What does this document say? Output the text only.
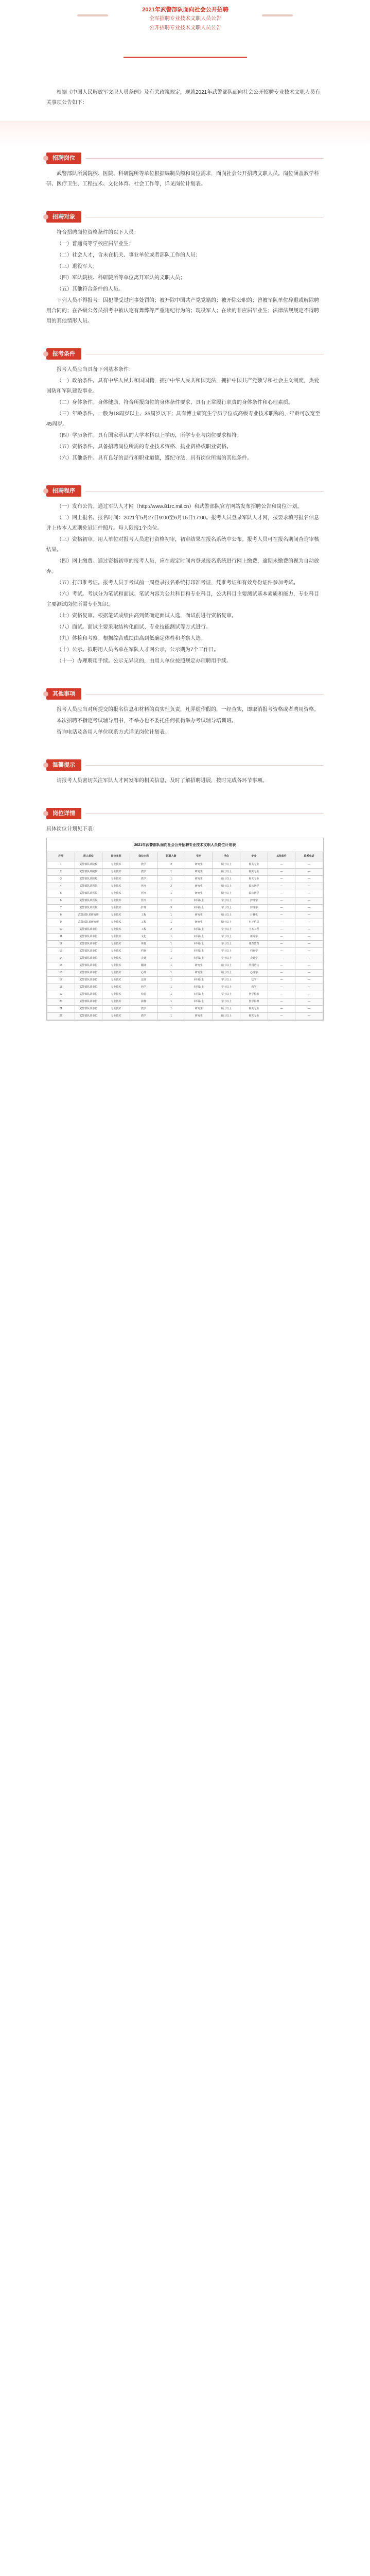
2021年武警部队面向社会公开招聘
全军招聘专业技术文职人员公告
公开招聘专业技术文职人员公告

根据《中国人民解放军文职人员条例》及有关政策规定，现就2021年武警部队面向社会公开招聘专业技术文职人员有关事项公告如下：

招聘岗位

武警部队所属院校、医院、科研院所等单位根据编制员额和岗位需求，面向社会公开招聘文职人员。岗位涵盖教学科研、医疗卫生、工程技术、文化体育、社会工作等，详见岗位计划表。

招聘对象

符合招聘岗位资格条件的以下人员：

（一）普通高等学校应届毕业生；

（二）社会人才，含未在机关、事业单位或者部队工作的人员；

（三）退役军人；

（四）军队院校、科研院所等单位离开军队的文职人员；

（五）其他符合条件的人员。

下列人员不得报考：因犯罪受过刑事处罚的；被开除中国共产党党籍的；被开除公职的；曾被军队单位辞退或解除聘用合同的；在各级公务员招考中被认定有舞弊等严重违纪行为的；现役军人；在读的非应届毕业生；法律法规规定不得聘用的其他情形人员。

报考条件

报考人员应当具备下列基本条件：

（一）政治条件。具有中华人民共和国国籍，拥护中华人民共和国宪法，拥护中国共产党领导和社会主义制度，热爱国防和军队建设事业。

（二）身体条件。身体健康，符合所报岗位的身体条件要求，具有正常履行职责的身体条件和心理素质。

（三）年龄条件。一般为18周岁以上、35周岁以下；具有博士研究生学历学位或高级专业技术职称的，年龄可放宽至45周岁。

（四）学历条件。具有国家承认的大学本科以上学历，所学专业与岗位要求相符。

（五）资格条件。具备招聘岗位所需的专业技术资格、执业资格或职业资格。

（六）其他条件。具有良好的品行和职业道德，遵纪守法，具有岗位所需的其他条件。

招聘程序

（一）发布公告。通过军队人才网（http://www.81rc.mil.cn）和武警部队官方网站发布招聘公告和岗位计划。

（二）网上报名。报名时间：2021年5月27日9:00至6月15日17:00。报考人员登录军队人才网，按要求填写报名信息并上传本人近期免冠证件照片。每人限报1个岗位。

（三）资格初审。用人单位对报考人员进行资格初审，初审结果在报名系统中公布。报考人员可在报名期间查询审核结果。

（四）网上缴费。通过资格初审的报考人员，应在规定时间内登录报名系统进行网上缴费，逾期未缴费的视为自动放弃。

（五）打印准考证。报考人员于考试前一周登录报名系统打印准考证，凭准考证和有效身份证件参加考试。

（六）考试。考试分为笔试和面试。笔试内容为公共科目和专业科目，公共科目主要测试基本素质和能力，专业科目主要测试岗位所需专业知识。

（七）资格复审。根据笔试成绩由高到低确定面试人选，面试前进行资格复审。

（八）面试。面试主要采取结构化面试、专业技能测试等方式进行。

（九）体检和考察。根据综合成绩由高到低确定体检和考察人选。

（十）公示。拟聘用人员名单在军队人才网公示，公示期为7个工作日。

（十一）办理聘用手续。公示无异议的，由用人单位按照规定办理聘用手续。

其他事项

报考人员应当对所提交的报名信息和材料的真实性负责，凡弄虚作假的，一经查实，即取消报考资格或者聘用资格。

本次招聘不指定考试辅导用书，不举办也不委托任何机构举办考试辅导培训班。

咨询电话及各用人单位联系方式详见岗位计划表。

温馨提示

请报考人员密切关注军队人才网发布的相关信息，及时了解招聘进展，按时完成各环节事项。

岗位详情
具体岗位计划见下表：
2021年武警部队面向社会公开招聘专业技术文职人员岗位计划表
序号	用人单位	岗位类别	岗位名称	招聘人数	学历	学位	专业	其他条件	联系电话
1	武警部队某院校	专业技术	教学	2	研究生	硕士以上	相关专业	—	—
2	武警部队某院校	专业技术	教学	1	研究生	硕士以上	相关专业	—	—
3	武警部队某院校	专业技术	教学	1	研究生	硕士以上	相关专业	—	—
4	武警部队某医院	专业技术	医疗	2	研究生	硕士以上	临床医学	—	—
5	武警部队某医院	专业技术	医疗	1	研究生	硕士以上	临床医学	—	—
6	武警部队某医院	专业技术	医疗	1	本科以上	学士以上	护理学	—	—
7	武警部队某医院	专业技术	护理	3	本科以上	学士以上	护理学	—	—
8	武警部队某研究所	专业技术	工程	1	研究生	硕士以上	计算机	—	—
9	武警部队某研究所	专业技术	工程	1	研究生	硕士以上	电子信息	—	—
10	武警部队某单位	专业技术	工程	2	本科以上	学士以上	土木工程	—	—
11	武警部队某单位	专业技术	文化	1	本科以上	学士以上	新闻学	—	—
12	武警部队某单位	专业技术	体育	1	本科以上	学士以上	体育教育	—	—
13	武警部队某单位	专业技术	档案	1	本科以上	学士以上	档案学	—	—
14	武警部队某单位	专业技术	会计	1	本科以上	学士以上	会计学	—	—
15	武警部队某单位	专业技术	翻译	1	研究生	硕士以上	外国语言	—	—
16	武警部队某单位	专业技术	心理	1	研究生	硕士以上	心理学	—	—
17	武警部队某单位	专业技术	法律	1	本科以上	学士以上	法学	—	—
18	武警部队某单位	专业技术	药学	1	本科以上	学士以上	药学	—	—
19	武警部队某单位	专业技术	检验	1	本科以上	学士以上	医学检验	—	—
20	武警部队某单位	专业技术	影像	1	本科以上	学士以上	医学影像	—	—
21	武警部队某单位	专业技术	教学	1	研究生	硕士以上	相关专业	—	—
22	武警部队某单位	专业技术	教学	1	研究生	硕士以上	相关专业	—	—
